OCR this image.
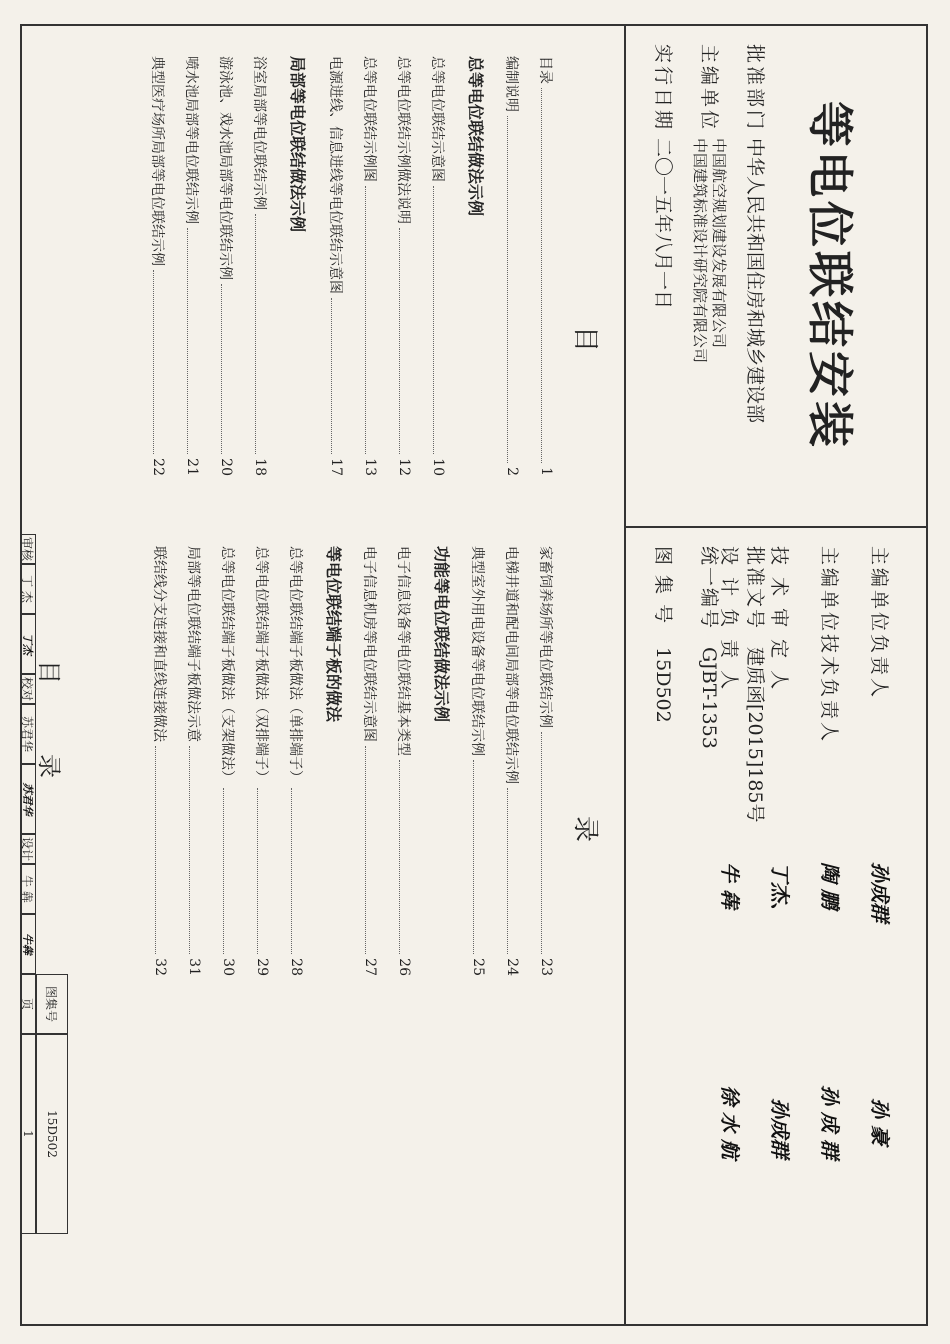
等电位联结安装
批准部门 中华人民共和国住房和城乡建设部
主编单位
中国航空规划建设发展有限公司
中国建筑标准设计研究院有限公司
实行日期 二〇一五年八月一日
批准文号 建质函[2015]185号
统一编号 GJBT-1353
图 集 号 15D502	主编单位负责人 孙成群 孙 豪
主编单位技术负责人 陶 鹏 孙 成 群
技 术 审 定 人 丁杰、 孙成群
设 计 负 责 人 牛 犇 徐 水 航
目
录
目录
1
编制说明
2
总等电位联结做法示例
总等电位联结示意图
10
总等电位联结示例做法说明
12
总等电位联结示例图
13
电源进线、信息进线等电位联结示意图
17
局部等电位联结做法示例
浴室局部等电位联结示例
18
游泳池、戏水池局部等电位联结示例
20
喷水池局部等电位联结示例
21
典型医疗场所局部等电位联结示例
22
家畜饲养场所等电位联结示例
23
电梯井道和配电间局部等电位联结示例
24
典型室外用电设备等电位联结示例
25
功能等电位联结做法示例
电子信息设备等电位联结基本类型
26
电子信息机房等电位联结示意图
27
等电位联结端子板的做法
总等电位联结端子板做法（单排端子）
28
总等电位联结端子板做法（双排端子）
29
总等电位联结端子板做法（支架做法）
30
局部等电位联结端子板做法示意
31
联结线分支连接和直线连接做法
32
目录
图集号
15D502
审核
丁 杰
丁杰
校对
苏君华
苏君华
设计
牛 犇
牛犇
页
1
